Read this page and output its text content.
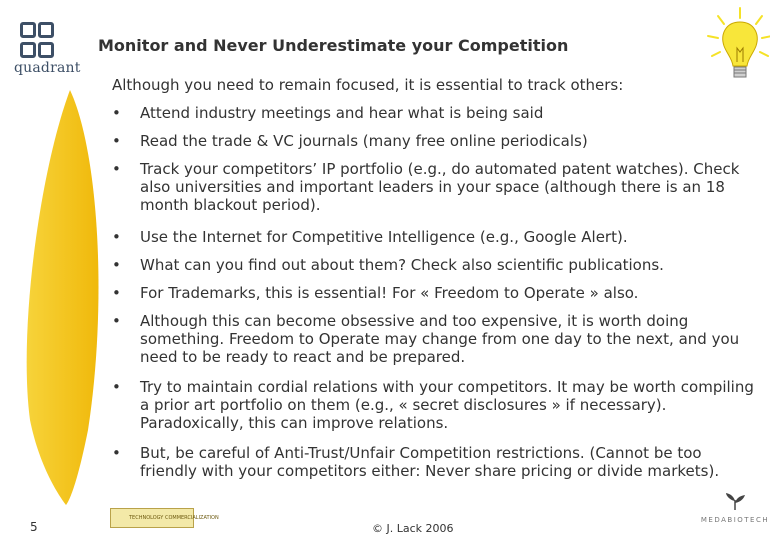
quadrant
Monitor and Never Underestimate your Competition
Although you need to remain focused, it is essential to track others:
•	Attend industry meetings and hear what is being said
•	Read the trade & VC journals (many free online periodicals)
•	Track your competitors’ IP portfolio (e.g., do automated patent watches). Check also universities and important leaders in your space (although there is an 18 month blackout period).
•	Use the Internet for Competitive Intelligence (e.g., Google Alert).
•	What can you find out about them? Check also scientific publications.
•	For Trademarks, this is essential! For « Freedom to Operate » also.
•	Although this can become obsessive and too expensive, it is worth doing something. Freedom to Operate may change from one day to the next, and you need to be ready to react and be prepared.
•	Try to maintain cordial relations with your competitors. It may be worth compiling a prior art portfolio on them (e.g., « secret disclosures » if necessary). Paradoxically, this can improve relations.
•	But, be careful of Anti-Trust/Unfair Competition restrictions. (Cannot be too friendly with your competitors either: Never share pricing or divide markets).
5
TECHNOLOGY COMMERCIALIZATION
© J. Lack 2006
MEDABIOTECH
